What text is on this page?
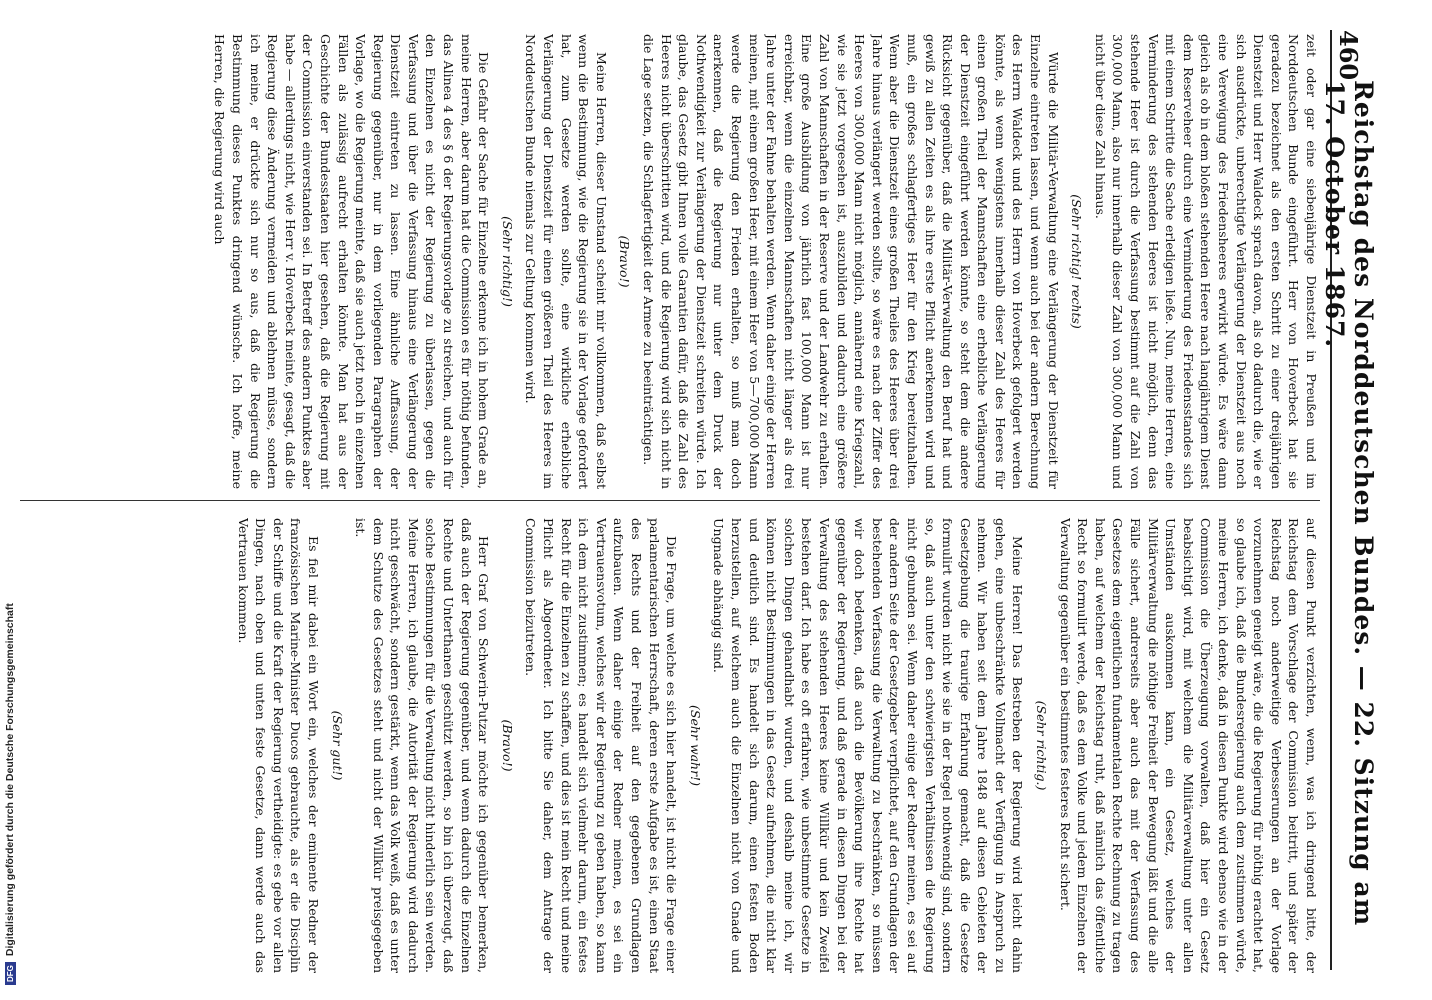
460
Reichstag des Norddeutschen Bundes. — 22. Sitzung am 17. October 1867.

zeit oder gar eine siebenjährige Dienstzeit in Preußen und im Norddeutschen Bunde eingeführt. Herr von Hoverbeck hat sie geradezu bezeichnet als den ersten Schritt zu einer dreijährigen Dienstzeit und Herr Waldeck sprach davon, als ob dadurch die, wie er sich ausdrückte, unberechtigte Verlängerung der Dienstzeit aus noch eine Verewigung des Friedensheeres erwirkt würde. Es wäre dann gleich als ob in dem bloßen stehenden Heere nach langjährigem Dienst dem Reserveheer durch eine Verminderung des Friedensstandes sich mit einem Schritte die Sache erledigen ließe. Nun, meine Herren, eine Verminderung des stehenden Heeres ist nicht möglich, denn das stehende Heer ist durch die Verfassung bestimmt auf die Zahl von 300,000 Mann, also nur innerhalb dieser Zahl von 300,000 Mann und nicht über diese Zahl hinaus.

(Sehr richtig! rechts)

Würde die Militär-Verwaltung eine Verlängerung der Dienstzeit für Einzelne eintreten lassen, und wenn auch bei der andern Berechnung des Herrn Waldeck und des Herrn von Hoverbeck gefolgert werden könnte, als wenn wenigstens innerhalb dieser Zahl des Heeres für einen großen Theil der Mannschaften eine erhebliche Verlängerung der Dienstzeit eingeführt werden könnte, so steht dem die andere Rücksicht gegenüber, daß die Militär-Verwaltung den Beruf hat und gewiß zu allen Zeiten es als ihre erste Pflicht anerkennen wird und muß, ein großes schlagfertiges Heer für den Krieg bereitzuhalten. Wenn aber die Dienstzeit eines großen Theiles des Heeres über drei Jahre hinaus verlängert werden sollte, so wäre es nach der Ziffer des Heeres von 300,000 Mann nicht möglich, annähernd eine Kriegszahl, wie sie jetzt vorgesehen ist, auszubilden und dadurch eine größere Zahl von Mannschaften in der Reserve und der Landwehr zu erhalten. Eine große Ausbildung von jährlich fast 100,000 Mann ist nur erreichbar, wenn die einzelnen Mannschaften nicht länger als drei Jahre unter der Fahne behalten werden. Wenn daher einige der Herren meinen, mit einem großen Heer, mit einem Heer von 5—700,000 Mann werde die Regierung den Frieden erhalten, so muß man doch anerkennen, daß die Regierung nur unter dem Druck der Nothwendigkeit zur Verlängerung der Dienstzeit schreiten würde. Ich glaube, das Gesetz gibt Ihnen volle Garantien dafür, daß die Zahl des Heeres nicht überschritten wird, und die Regierung wird sich nicht in die Lage setzen, die Schlagfertigkeit der Armee zu beeinträchtigen.

(Bravo!)

Meine Herren, dieser Umstand scheint mir vollkommen, daß selbst wenn die Bestimmung, wie die Regierung sie in der Vorlage gefordert hat, zum Gesetze werden sollte, eine wirkliche erhebliche Verlängerung der Dienstzeit für einen größeren Theil des Heeres im Norddeutschen Bunde niemals zur Geltung kommen wird.

(Sehr richtig!)

Die Gefahr der Sache für Einzelne erkenne ich in hohem Grade an, meine Herren, aber darum hat die Commission es für nöthig befunden, das Alinea 4 des § 6 der Regierungsvorlage zu streichen, und auch für den Einzelnen es nicht der Regierung zu überlassen, gegen die Verfassung und über die Verfassung hinaus eine Verlängerung der Dienstzeit eintreten zu lassen. Eine ähnliche Auffassung, der Regierung gegenüber, nur in dem vorliegenden Paragraphen der Vorlage, wo die Regierung meinte, daß sie auch jetzt noch in einzelnen Fällen als zulässig aufrecht erhalten könnte. Man hat aus der Geschichte der Bundesstaaten hier gesehen, daß die Regierung mit der Commission einverstanden sei. In Betreff des andern Punktes aber habe — allerdings nicht, wie Herr v. Hoverbeck meinte, gesagt, daß die Regierung diese Änderung vermeiden und ablehnen müsse, sondern ich meine, er drückte sich nur so aus, daß die Regierung die Bestimmung dieses Punktes dringend wünsche. Ich hoffe, meine Herren, die Regierung wird auch

auf diesen Punkt verzichten, wenn, was ich dringend bitte, der Reichstag dem Vorschlage der Commission beitritt, und später der Reichstag noch anderweitige Verbesserungen an der Vorlage vorzunehmen geneigt wäre, die die Regierung für nöthig erachtet hat, so glaube ich, daß die Bundesregierung auch dem zustimmen würde, meine Herren, ich denke, daß in diesen Punkte wird ebenso wie in der Commission die Überzeugung vorwalten, daß hier ein Gesetz beabsichtigt wird, mit welchem die Militärverwaltung unter allen Umständen auskommen kann, ein Gesetz, welches der Militärverwaltung die nöthige Freiheit der Bewegung läßt und die alle Fälle sichert, andrerseits aber auch das mit der Verfassung des Gesetzes dem eigentlichen fundamentalen Rechte Rechnung zu tragen haben, auf welchem der Reichstag ruht, daß nämlich das öffentliche Recht so formulirt werde, daß es dem Volke und jedem Einzelnen der Verwaltung gegenüber ein bestimmtes festeres Recht sichert.

(Sehr richtig.)

Meine Herren! Das Bestreben der Regierung wird leicht dahin gehen, eine unbeschränkte Vollmacht der Verfügung in Anspruch zu nehmen. Wir haben seit dem Jahre 1848 auf diesen Gebieten der Gesetzgebung die traurige Erfahrung gemacht, daß die Gesetze formulirt wurden nicht wie sie in der Regel nothwendig sind, sondern so, daß auch unter den schwierigsten Verhältnissen die Regierung nicht gebunden sei. Wenn daher einige der Redner meinen, es sei auf der andern Seite der Gesetzgeber verpflichtet, auf den Grundlagen der bestehenden Verfassung die Verwaltung zu beschränken, so müssen wir doch bedenken, daß auch die Bevölkerung ihre Rechte hat gegenüber der Regierung, und daß gerade in diesen Dingen bei der Verwaltung des stehenden Heeres keine Willkür und kein Zweifel bestehen darf. Ich habe es oft erfahren, wie unbestimmte Gesetze in solchen Dingen gehandhabt wurden, und deshalb meine ich, wir können nicht Bestimmungen in das Gesetz aufnehmen, die nicht klar und deutlich sind. Es handelt sich darum, einen festen Boden herzustellen, auf welchem auch die Einzelnen nicht von Gnade und Ungnade abhängig sind.

(Sehr wahr!)

Die Frage, um welche es sich hier handelt, ist nicht die Frage einer parlamentarischen Herrschaft, deren erste Aufgabe es ist, einen Staat des Rechts und der Freiheit auf den gegebenen Grundlagen aufzubauen. Wenn daher einige der Redner meinen, es sei ein Vertrauensvotum, welches wir der Regierung zu geben haben, so kann ich dem nicht zustimmen; es handelt sich vielmehr darum, ein festes Recht für die Einzelnen zu schaffen, und dies ist mein Recht und meine Pflicht als Abgeordneter. Ich bitte Sie daher, dem Antrage der Commission beizutreten.

(Bravo!)

Herr Graf von Schwerin-Putzar möchte ich gegenüber bemerken, daß auch der Regierung gegenüber, und wenn dadurch die Einzelnen Rechte und Unterthanen geschützt werden, so bin ich überzeugt, daß solche Bestimmungen für die Verwaltung nicht hinderlich sein werden. Meine Herren, ich glaube, die Autorität der Regierung wird dadurch nicht geschwächt, sondern gestärkt, wenn das Volk weiß, daß es unter dem Schutze des Gesetzes steht und nicht der Willkür preisgegeben ist.

(Sehr gut!)

Es fiel mir dabei ein Wort ein, welches der eminente Redner der französischen Marine-Minister Ducos gebrauchte, als er die Disciplin der Schiffe und die Kraft der Regierung vertheidigte: es gebe vor allen Dingen, nach oben und unten feste Gesetze, dann werde auch das Vertrauen kommen.

DFG
Digitalisierung gefördert durch die Deutsche Forschungsgemeinschaft
